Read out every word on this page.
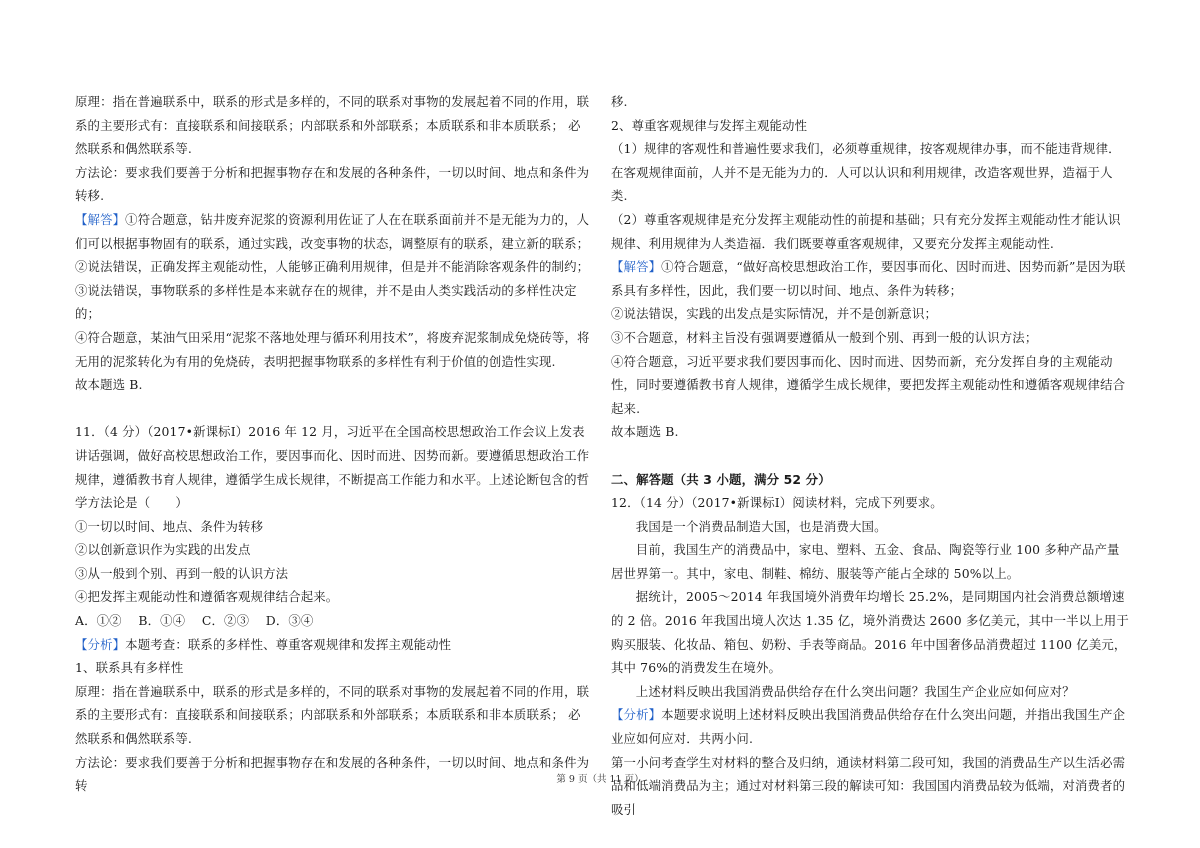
原理：指在普遍联系中，联系的形式是多样的，不同的联系对事物的发展起着不同的作用，联系的主要形式有：直接联系和间接联系；内部联系和外部联系；本质联系和非本质联系； 必然联系和偶然联系等.

方法论：要求我们要善于分析和把握事物存在和发展的各种条件，一切以时间、地点和条件为转移.

【解答】①符合题意，钻井废弃泥浆的资源利用佐证了人在在联系面前并不是无能为力的，人们可以根据事物固有的联系，通过实践，改变事物的状态，调整原有的联系，建立新的联系；

②说法错误，正确发挥主观能动性，人能够正确利用规律，但是并不能消除客观条件的制约；

③说法错误，事物联系的多样性是本来就存在的规律，并不是由人类实践活动的多样性决定的；

④符合题意，某油气田采用“泥浆不落地处理与循环利用技术”，将废弃泥浆制成免烧砖等，将无用的泥浆转化为有用的免烧砖，表明把握事物联系的多样性有利于价值的创造性实现.

故本题选 B.

11．（4 分）（2017•新课标Ⅰ）2016 年 12 月，习近平在全国高校思想政治工作会议上发表讲话强调，做好高校思想政治工作，要因事而化、因时而进、因势而新。要遵循思想政治工作规律，遵循教书育人规律，遵循学生成长规律，不断提高工作能力和水平。上述论断包含的哲学方法论是（　　）

①一切以时间、地点、条件为转移

②以创新意识作为实践的出发点

③从一般到个别、再到一般的认识方法

④把发挥主观能动性和遵循客观规律结合起来。

A．①②　 B．①④　 C．②③　 D．③④

【分析】本题考查：联系的多样性、尊重客观规律和发挥主观能动性

1、联系具有多样性

原理：指在普遍联系中，联系的形式是多样的，不同的联系对事物的发展起着不同的作用，联系的主要形式有：直接联系和间接联系；内部联系和外部联系；本质联系和非本质联系； 必然联系和偶然联系等.

方法论：要求我们要善于分析和把握事物存在和发展的各种条件，一切以时间、地点和条件为转

移.

2、尊重客观规律与发挥主观能动性

（1）规律的客观性和普遍性要求我们，必须尊重规律，按客观规律办事，而不能违背规律．在客观规律面前，人并不是无能为力的．人可以认识和利用规律，改造客观世界，造福于人类.

（2）尊重客观规律是充分发挥主观能动性的前提和基础；只有充分发挥主观能动性才能认识规律、利用规律为人类造福．我们既要尊重客观规律，又要充分发挥主观能动性.

【解答】①符合题意，“做好高校思想政治工作，要因事而化、因时而进、因势而新”是因为联系具有多样性，因此，我们要一切以时间、地点、条件为转移；

②说法错误，实践的出发点是实际情况，并不是创新意识；

③不合题意，材料主旨没有强调要遵循从一般到个别、再到一般的认识方法；

④符合题意，习近平要求我们要因事而化、因时而进、因势而新，充分发挥自身的主观能动性，同时要遵循教书育人规律，遵循学生成长规律，要把发挥主观能动性和遵循客观规律结合起来.

故本题选 B.

二、解答题（共 3 小题，满分 52 分）

12．（14 分）（2017•新课标Ⅰ）阅读材料，完成下列要求。

我国是一个消费品制造大国，也是消费大国。

目前，我国生产的消费品中，家电、塑料、五金、食品、陶瓷等行业 100 多种产品产量居世界第一。其中，家电、制鞋、棉纺、服装等产能占全球的 50%以上。

据统计，2005～2014 年我国境外消费年均增长 25.2%，是同期国内社会消费总额增速的 2 倍。2016 年我国出境人次达 1.35 亿，境外消费达 2600 多亿美元，其中一半以上用于购买服装、化妆品、箱包、奶粉、手表等商品。2016 年中国奢侈品消费超过 1100 亿美元，其中 76%的消费发生在境外。

上述材料反映出我国消费品供给存在什么突出问题？我国生产企业应如何应对？

【分析】本题要求说明上述材料反映出我国消费品供给存在什么突出问题，并指出我国生产企业应如何应对．共两小问.

第一小问考查学生对材料的整合及归纳，通读材料第二段可知，我国的消费品生产以生活必需品和低端消费品为主；通过对材料第三段的解读可知：我国国内消费品较为低端，对消费者的吸引

第 9 页（共 11 页）
